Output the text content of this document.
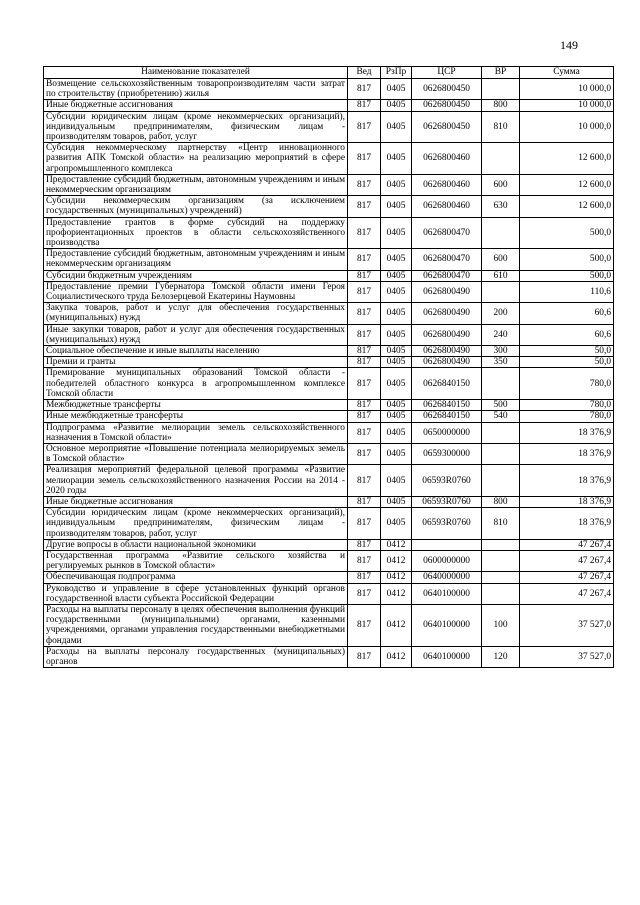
149
Наименование показателей	Вед	РзПр	ЦСР	ВР	Сумма
Возмещение сельскохозяйственным товаропроизводителям части затрат по строительству (приобретению) жилья	817	0405	0626800450		10 000,0
Иные бюджетные ассигнования	817	0405	0626800450	800	10 000,0
Субсидии юридическим лицам (кроме некоммерческих организаций), индивидуальным предпринимателям, физическим лицам - производителям товаров, работ, услуг	817	0405	0626800450	810	10 000,0
Субсидия некоммерческому партнерству «Центр инновационного развития АПК Томской области» на реализацию мероприятий в сфере агропромышленного комплекса	817	0405	0626800460		12 600,0
Предоставление субсидий бюджетным, автономным учреждениям и иным некоммерческим организациям	817	0405	0626800460	600	12 600,0
Субсидии некоммерческим организациям (за исключением государственных (муниципальных) учреждений)	817	0405	0626800460	630	12 600,0
Предоставление грантов в форме субсидий на поддержку профориентационных проектов в области сельскохозяйственного производства	817	0405	0626800470		500,0
Предоставление субсидий бюджетным, автономным учреждениям и иным некоммерческим организациям	817	0405	0626800470	600	500,0
Субсидии бюджетным учреждениям	817	0405	0626800470	610	500,0
Предоставление премии Губернатора Томской области имени Героя Социалистического труда Белозерцевой Екатерины Наумовны	817	0405	0626800490		110,6
Закупка товаров, работ и услуг для обеспечения государственных (муниципальных) нужд	817	0405	0626800490	200	60,6
Иные закупки товаров, работ и услуг для обеспечения государственных (муниципальных) нужд	817	0405	0626800490	240	60,6
Социальное обеспечение и иные выплаты населению	817	0405	0626800490	300	50,0
Премии и гранты	817	0405	0626800490	350	50,0
Премирование муниципальных образований Томской области - победителей областного конкурса в агропромышленном комплексе Томской области	817	0405	0626840150		780,0
Межбюджетные трансферты	817	0405	0626840150	500	780,0
Иные межбюджетные трансферты	817	0405	0626840150	540	780,0
Подпрограмма «Развитие мелиорации земель сельскохозяйственного назначения в Томской области»	817	0405	0650000000		18 376,9
Основное мероприятие «Повышение потенциала мелиорируемых земель в Томской области»	817	0405	0659300000		18 376,9
Реализация мероприятий федеральной целевой программы «Развитие мелиорации земель сельскохозяйственного назначения России на 2014 - 2020 годы	817	0405	06593R0760		18 376,9
Иные бюджетные ассигнования	817	0405	06593R0760	800	18 376,9
Субсидии юридическим лицам (кроме некоммерческих организаций), индивидуальным предпринимателям, физическим лицам - производителям товаров, работ, услуг	817	0405	06593R0760	810	18 376,9
Другие вопросы в области национальной экономики	817	0412			47 267,4
Государственная программа «Развитие сельского хозяйства и регулируемых рынков в Томской области»	817	0412	0600000000		47 267,4
Обеспечивающая подпрограмма	817	0412	0640000000		47 267,4
Руководство и управление в сфере установленных функций органов государственной власти субъекта Российской Федерации	817	0412	0640100000		47 267,4
Расходы на выплаты персоналу в целях обеспечения выполнения функций государственными (муниципальными) органами, казенными учреждениями, органами управления государственными внебюджетными фондами	817	0412	0640100000	100	37 527,0
Расходы на выплаты персоналу государственных (муниципальных) органов	817	0412	0640100000	120	37 527,0
